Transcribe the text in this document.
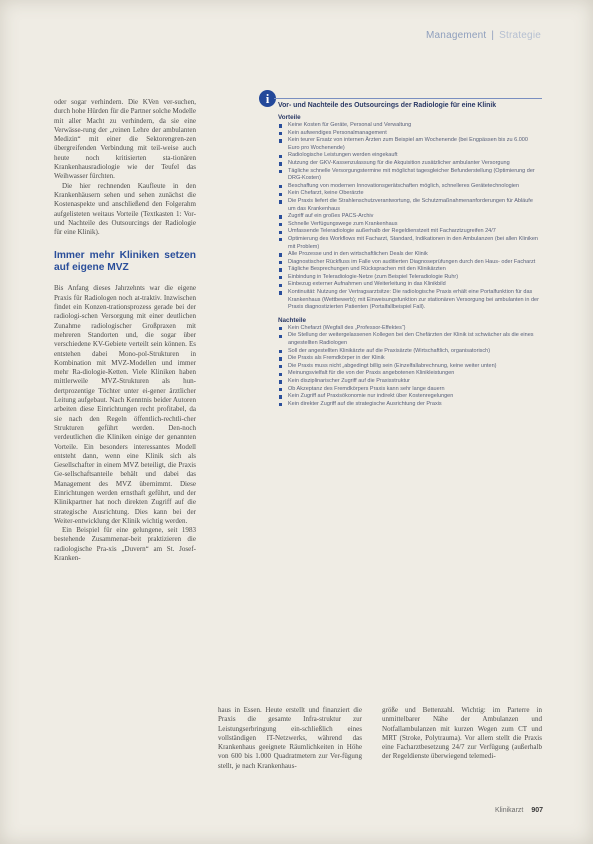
Management | Strategie

oder sogar verhindern. Die KVen ver-suchen, durch hohe Hürden für die Partner solche Modelle mit aller Macht zu verhindern, da sie eine Verwässe-rung der „reinen Lehre der ambulanten Medizin“ mit einer die Sektorengren-zen übergreifenden Verbindung mit teil-weise auch heute noch kritisierten sta-tionären Krankenhausradiologie wie der Teufel das Weihwasser fürchten.

Die hier rechnenden Kaufleute in den Krankenhäusern sehen und sehen zunächst die Kostenaspekte und anschließend den Folgerahm aufgelisteten weitaus Vorteile (Textkasten 1: Vor- und Nachteile des Outsourcings der Radiologie für eine Klinik).

Immer mehr Kliniken setzen auf eigene MVZ

Bis Anfang dieses Jahrzehnts war die eigene Praxis für Radiologen noch at-traktiv. Inzwischen findet ein Konzen-trationsprozess gerade bei der radiologi-schen Versorgung mit einer deutlichen Zunahme radiologischer Großpraxen mit mehreren Standorten und, die sogar über verschiedene KV-Gebiete verteilt sein können. Es entstehen dabei Mono-pol-Strukturen in Kombination mit MVZ-Modellen und immer mehr Ra-diologie-Ketten. Viele Kliniken haben mittlerweile MVZ-Strukturen als hun-dertprozentige Töchter unter ei-gener ärztlicher Leitung aufgebaut. Nach Kenntnis beider Autoren arbeiten diese Einrichtungen recht profitabel, da sie nach den Regeln öffentlich-rechtli-cher Strukturen geführt werden. Den-noch verdeutlichen die Kliniken einige der genannten Vorteile. Ein besonders interessantes Modell entsteht dann, wenn eine Klinik sich als Gesellschafter in einem MVZ beteiligt, die Praxis Ge-sellschaftsanteile behält und dabei das Management des MVZ übernimmt. Diese Einrichtungen werden ernsthaft geführt, und der Klinikpartner hat noch direkten Zugriff auf die strategische Ausrichtung. Dies kann bei der Weiter-entwicklung der Klinik wichtig werden.

Ein Beispiel für eine gelungene, seit 1983 bestehende Zusammenar-beit praktizieren die radiologische Pra-xis „Duvern“ am St. Josef-Kranken-

i	Vor- und Nachteile des Outsourcings der Radiologie für eine Klinik
Vorteile
Keine Kosten für Geräte, Personal und Verwaltung
Kein aufwendiges Personalmanagement
Kein teurer Ersatz von internen Ärzten zum Beispiel am Wochenende (bei Engpässen bis zu 6.000 Euro pro Wochenende)
Radiologische Leistungen werden eingekauft
Nutzung der GKV-Kassenzulassung für die Akquisition zusätzlicher ambulanter Versorgung
Tägliche schnelle Versorgungstermine mit möglichst tagesgleicher Befunderstellung (Optimierung der DRG-Kosten)
Beschaffung von modernen Innovationsgerätschaften möglich, schnelleres Gerätetechnologien
Kein Chefarzt, keine Oberärzte
Die Praxis liefert die Strahlenschutzverantwortung, die Schutzmaßnahmenanforderungen für Abläufe um das Krankenhaus
Zugriff auf ein großes PACS-Archiv
Schnelle Verfügungswege zum Krankenhaus
Umfassende Teleradiologie außerhalb der Regeldienstzeit mit Facharztzugreifen 24/7
Optimierung des Workflows mit Facharzt, Standard, Indikationen in den Ambulanzen (bei allen Kliniken mit Problem)
Alle Prozesse und in den wirtschaftlichen Deals der Klinik
Diagnostischer Rückfluss im Falle von auditierten Diagnoseprüfungen durch den Haus- oder Facharzt
Tägliche Besprechungen und Rücksprachen mit den Klinikärzten
Einbindung in Teleradiologie-Netze (zum Beispiel Teleradiologie Ruhr)
Einbezug externer Aufnahmen und Weiterleitung in das Klinikbild
Kontinuität: Nutzung der Vertragsarztsitze: Die radiologische Praxis erhält eine Portalfunktion für das Krankenhaus (Wettbewerb); mit Einweisungsfunktion zur stationären Versorgung bei ambulanten in der Praxis diagnostizierten Patienten (Portalfallbeispiel Fall).
Nachteile
Kein Chefarzt (Wegfall des „Professor-Effektes“)
Die Stellung der weitergelassenen Kollegen bei den Chefärzten der Klinik ist schwächer als die eines angestellten Radiologen
Soll der angestellten Klinikärzte auf die Praxisärzte (Wirtschaftlich, organisatorisch)
Die Praxis als Fremdkörper in der Klinik
Die Praxis muss nicht „abgedingt billig sein (Einzelfallabrechnung, keine weiter unten)
Meinungsvielfalt für die von der Praxis angebotenen Klinikleistungen
Kein disziplinarischer Zugriff auf die Praxisstruktur
Ob Akzeptanz des Fremdkörpers Praxis kann sehr lange dauern
Kein Zugriff auf Praxisökonomie nur indirekt über Kostenregelungen
Kein direkter Zugriff auf die strategische Ausrichtung der Praxis

haus in Essen. Heute erstellt und finanziert die Praxis die gesamte Infra-struktur zur Leistungserbringung ein-schließlich eines vollständigen IT-Netzwerks, während das Krankenhaus geeignete Räumlichkeiten in Höhe von 600 bis 1.000 Quadratmetern zur Ver-fügung stellt, je nach Krankenhaus-

größe und Bettenzahl. Wichtig: im Parterre in unmittelbarer Nähe der Ambulanzen und Notfallambulanzen mit kurzen Wegen zum CT und MRT (Stroke, Polytrauma). Vor allem stellt die Praxis eine Facharztbesetzung 24/7 zur Verfügung (außerhalb der Regeldienste überwiegend telemedi-

Klinikarzt 907
